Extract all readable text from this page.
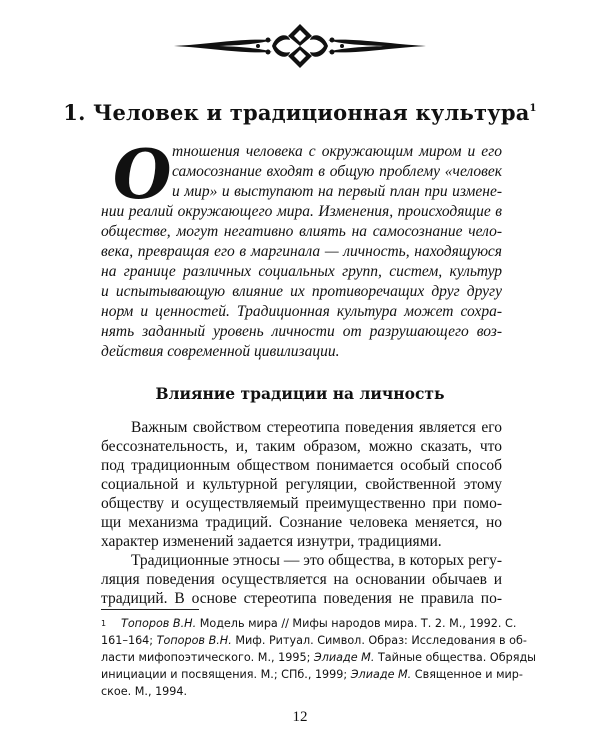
1. Человек и традиционная культура$^1$
О
тношения человека с окружающим миром и его
самосознание входят в общую проблему «человек
и мир» и выступают на первый план при измене-
нии реалий окружающего мира. Изменения, происходящие в
обществе, могут негативно влиять на самосознание чело-
века, превращая его в маргинала — личность, находящуюся
на границе различных социальных групп, систем, культур
и испытывающую влияние их противоречащих друг другу
норм и ценностей. Традиционная культура может сохра-
нять заданный уровень личности от разрушающего воз-
действия современной цивилизации.
Влияние традиции на личность
1 Топоров В.Н. Модель мира // Мифы народов мира. Т. 2. М., 1992. С.
161–164; Топоров В.Н. Миф. Ритуал. Символ. Образ: Исследования в об-
ласти мифопоэтического. М., 1995; Элиаде М. Тайные общества. Обряды
инициации и посвящения. М.; СПб., 1999; Элиаде М. Священное и мир-
ское. М., 1994.
12
Важным свойством стереотипа поведения является его
бессознательность, и, таким образом, можно сказать, что
под традиционным обществом понимается особый способ
социальной и культурной регуляции, свойственной этому
обществу и осуществляемый преимущественно при помо-
щи механизма традиций. Сознание человека меняется, но
характер изменений задается изнутри, традициями.
Традиционные этносы — это общества, в которых регу-
ляция поведения осуществляется на основании обычаев и
традиций. В основе стереотипа поведения не правила по-
